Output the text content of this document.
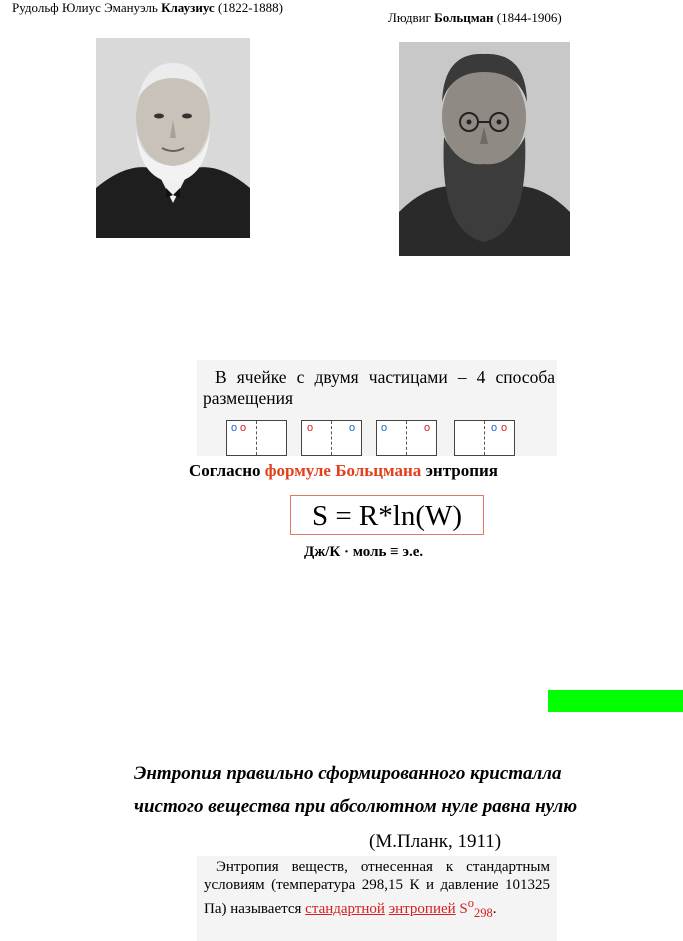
Рудольф Юлиус Эмануэль Клаузиус (1822-1888)
Людвиг Больцман (1844-1906)
В ячейке с двумя частицами – 4 способа размещения
o o	o	o o	o	o o
Согласно формуле Больцмана энтропия
S = R*ln(W)
Дж/К · моль ≡ э.е.
Энтропия правильно сформированного кристалла
чистого вещества при абсолютном нуле равна нулю
(М.Планк, 1911)
Энтропия веществ, отнесенная к стандартным условиям (температура 298,15 К и давление 101325 Па) называется стандартной энтропией $S^o_{298}$.
